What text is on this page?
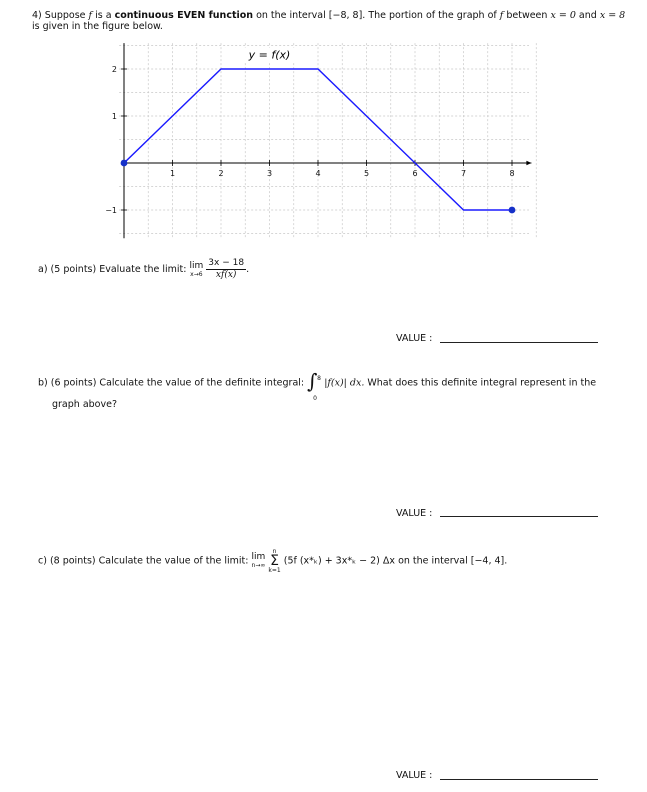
4) Suppose f is a continuous EVEN function on the interval [−8, 8]. The portion of the graph of f between x = 0 and x = 8
is given in the figure below.
1	2	3	4	5	6	7	8
2
1
−1
y = f(x)
a) (5 points) Evaluate the limit: lim
x→6
$\frac{3x - 18}{xf(x)}$ .
VALUE :
b) (6 points) Calculate the value of the definite integral: ∫ 8
0
|f(x)| dx. What does this definite integral represent in the
graph above?
VALUE :
c) (8 points) Calculate the value of the limit: lim
n→∞

n
Σ
k=1
(5f (x*ₖ) + 3x*ₖ − 2) Δx on the interval [−4, 4].
VALUE :
